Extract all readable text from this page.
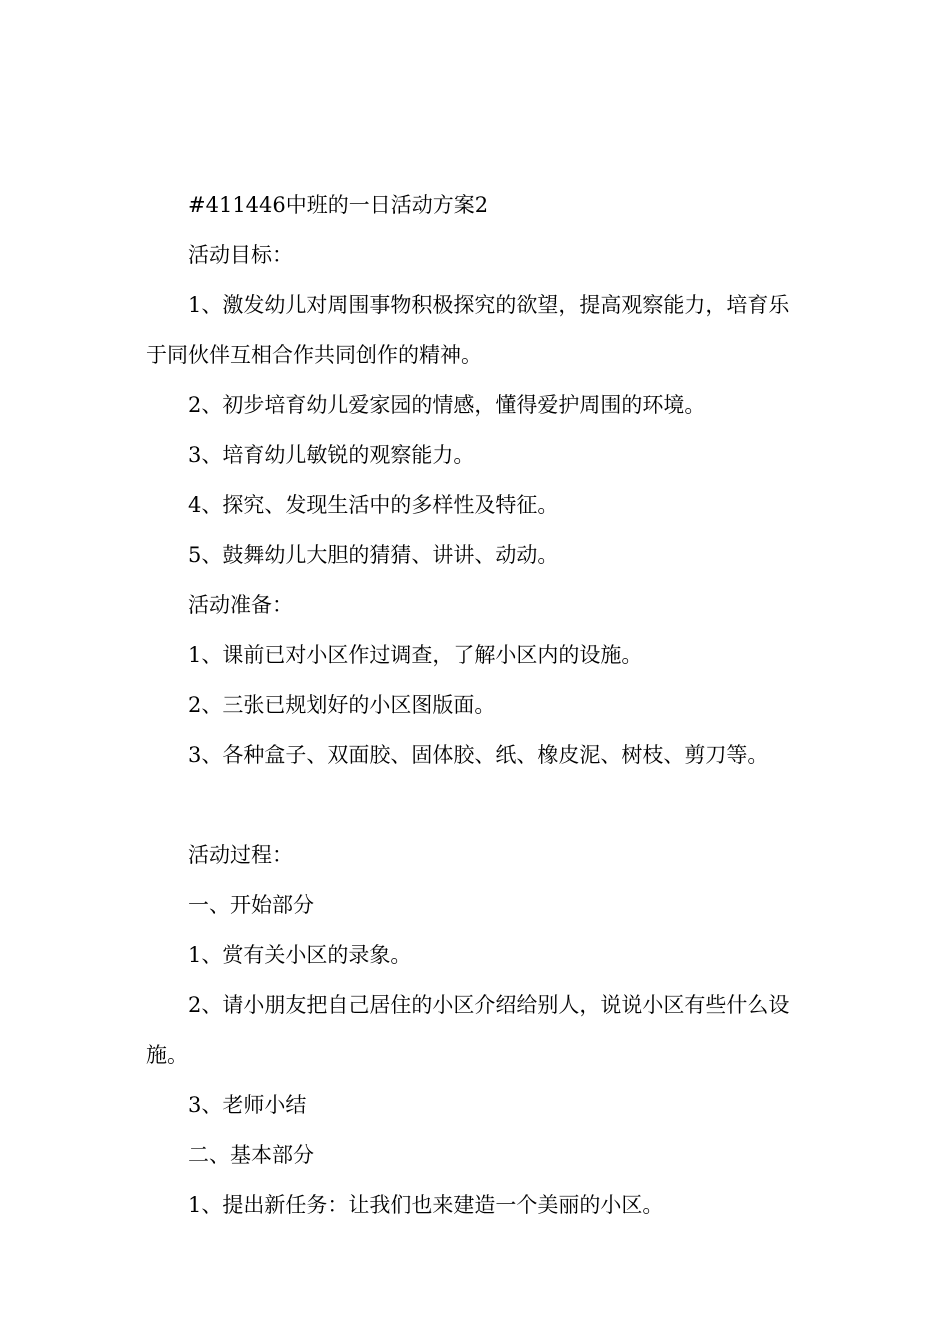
#411446中班的一日活动方案2

活动目标：

1、激发幼儿对周围事物积极探究的欲望，提高观察能力，培育乐于同伙伴互相合作共同创作的精神。

2、初步培育幼儿爱家园的情感，懂得爱护周围的环境。

3、培育幼儿敏锐的观察能力。

4、探究、发现生活中的多样性及特征。

5、鼓舞幼儿大胆的猜猜、讲讲、动动。

活动准备：

1、课前已对小区作过调查，了解小区内的设施。

2、三张已规划好的小区图版面。

3、各种盒子、双面胶、固体胶、纸、橡皮泥、树枝、剪刀等。

活动过程：

一、开始部分

1、赏有关小区的录象。

2、请小朋友把自己居住的小区介绍给别人，说说小区有些什么设施。

3、老师小结

二、基本部分

1、提出新任务：让我们也来建造一个美丽的小区。
